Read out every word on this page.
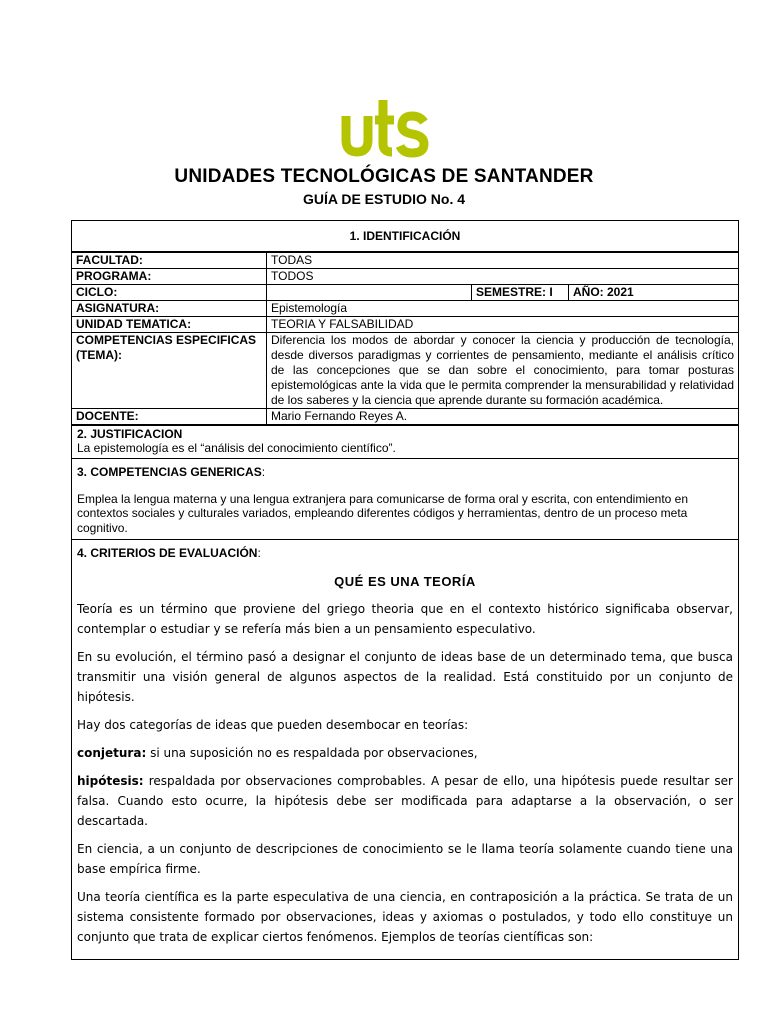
UNIDADES TECNOLÓGICAS DE SANTANDER
GUÍA DE ESTUDIO No. 4
1. IDENTIFICACIÓN
FACULTAD:	TODAS		
PROGRAMA:	TODOS		
CICLO:		SEMESTRE: I	AÑO: 2021
ASIGNATURA:	Epistemología		
UNIDAD TEMATICA:	TEORIA Y FALSABILIDAD		
COMPETENCIAS ESPECIFICAS (TEMA):	Diferencia los modos de abordar y conocer la ciencia y producción de tecnología, desde diversos paradigmas y corrientes de pensamiento, mediante el análisis crítico de las concepciones que se dan sobre el conocimiento, para tomar posturas epistemológicas ante la vida que le permita comprender la mensurabilidad y relatividad de los saberes y la ciencia que aprende durante su formación académica.		
DOCENTE:	Mario Fernando Reyes A.		
2. JUSTIFICACION
La epistemología es el “análisis del conocimiento científico”.
3. COMPETENCIAS GENERICAS:

Emplea la lengua materna y una lengua extranjera para comunicarse de forma oral y escrita, con entendimiento en contextos sociales y culturales variados, empleando diferentes códigos y herramientas, dentro de un proceso meta cognitivo.

4. CRITERIOS DE EVALUACIÓN:
QUÉ ES UNA TEORÍA

Teoría es un término que proviene del griego theoria que en el contexto histórico significaba observar, contemplar o estudiar y se refería más bien a un pensamiento especulativo.

En su evolución, el término pasó a designar el conjunto de ideas base de un determinado tema, que busca transmitir una visión general de algunos aspectos de la realidad. Está constituido por un conjunto de hipótesis.

Hay dos categorías de ideas que pueden desembocar en teorías:

conjetura: si una suposición no es respaldada por observaciones,

hipótesis: respaldada por observaciones comprobables. A pesar de ello, una hipótesis puede resultar ser falsa. Cuando esto ocurre, la hipótesis debe ser modificada para adaptarse a la observación, o ser descartada.

En ciencia, a un conjunto de descripciones de conocimiento se le llama teoría solamente cuando tiene una base empírica firme.

Una teoría científica es la parte especulativa de una ciencia, en contraposición a la práctica. Se trata de un sistema consistente formado por observaciones, ideas y axiomas o postulados, y todo ello constituye un conjunto que trata de explicar ciertos fenómenos. Ejemplos de teorías científicas son:
